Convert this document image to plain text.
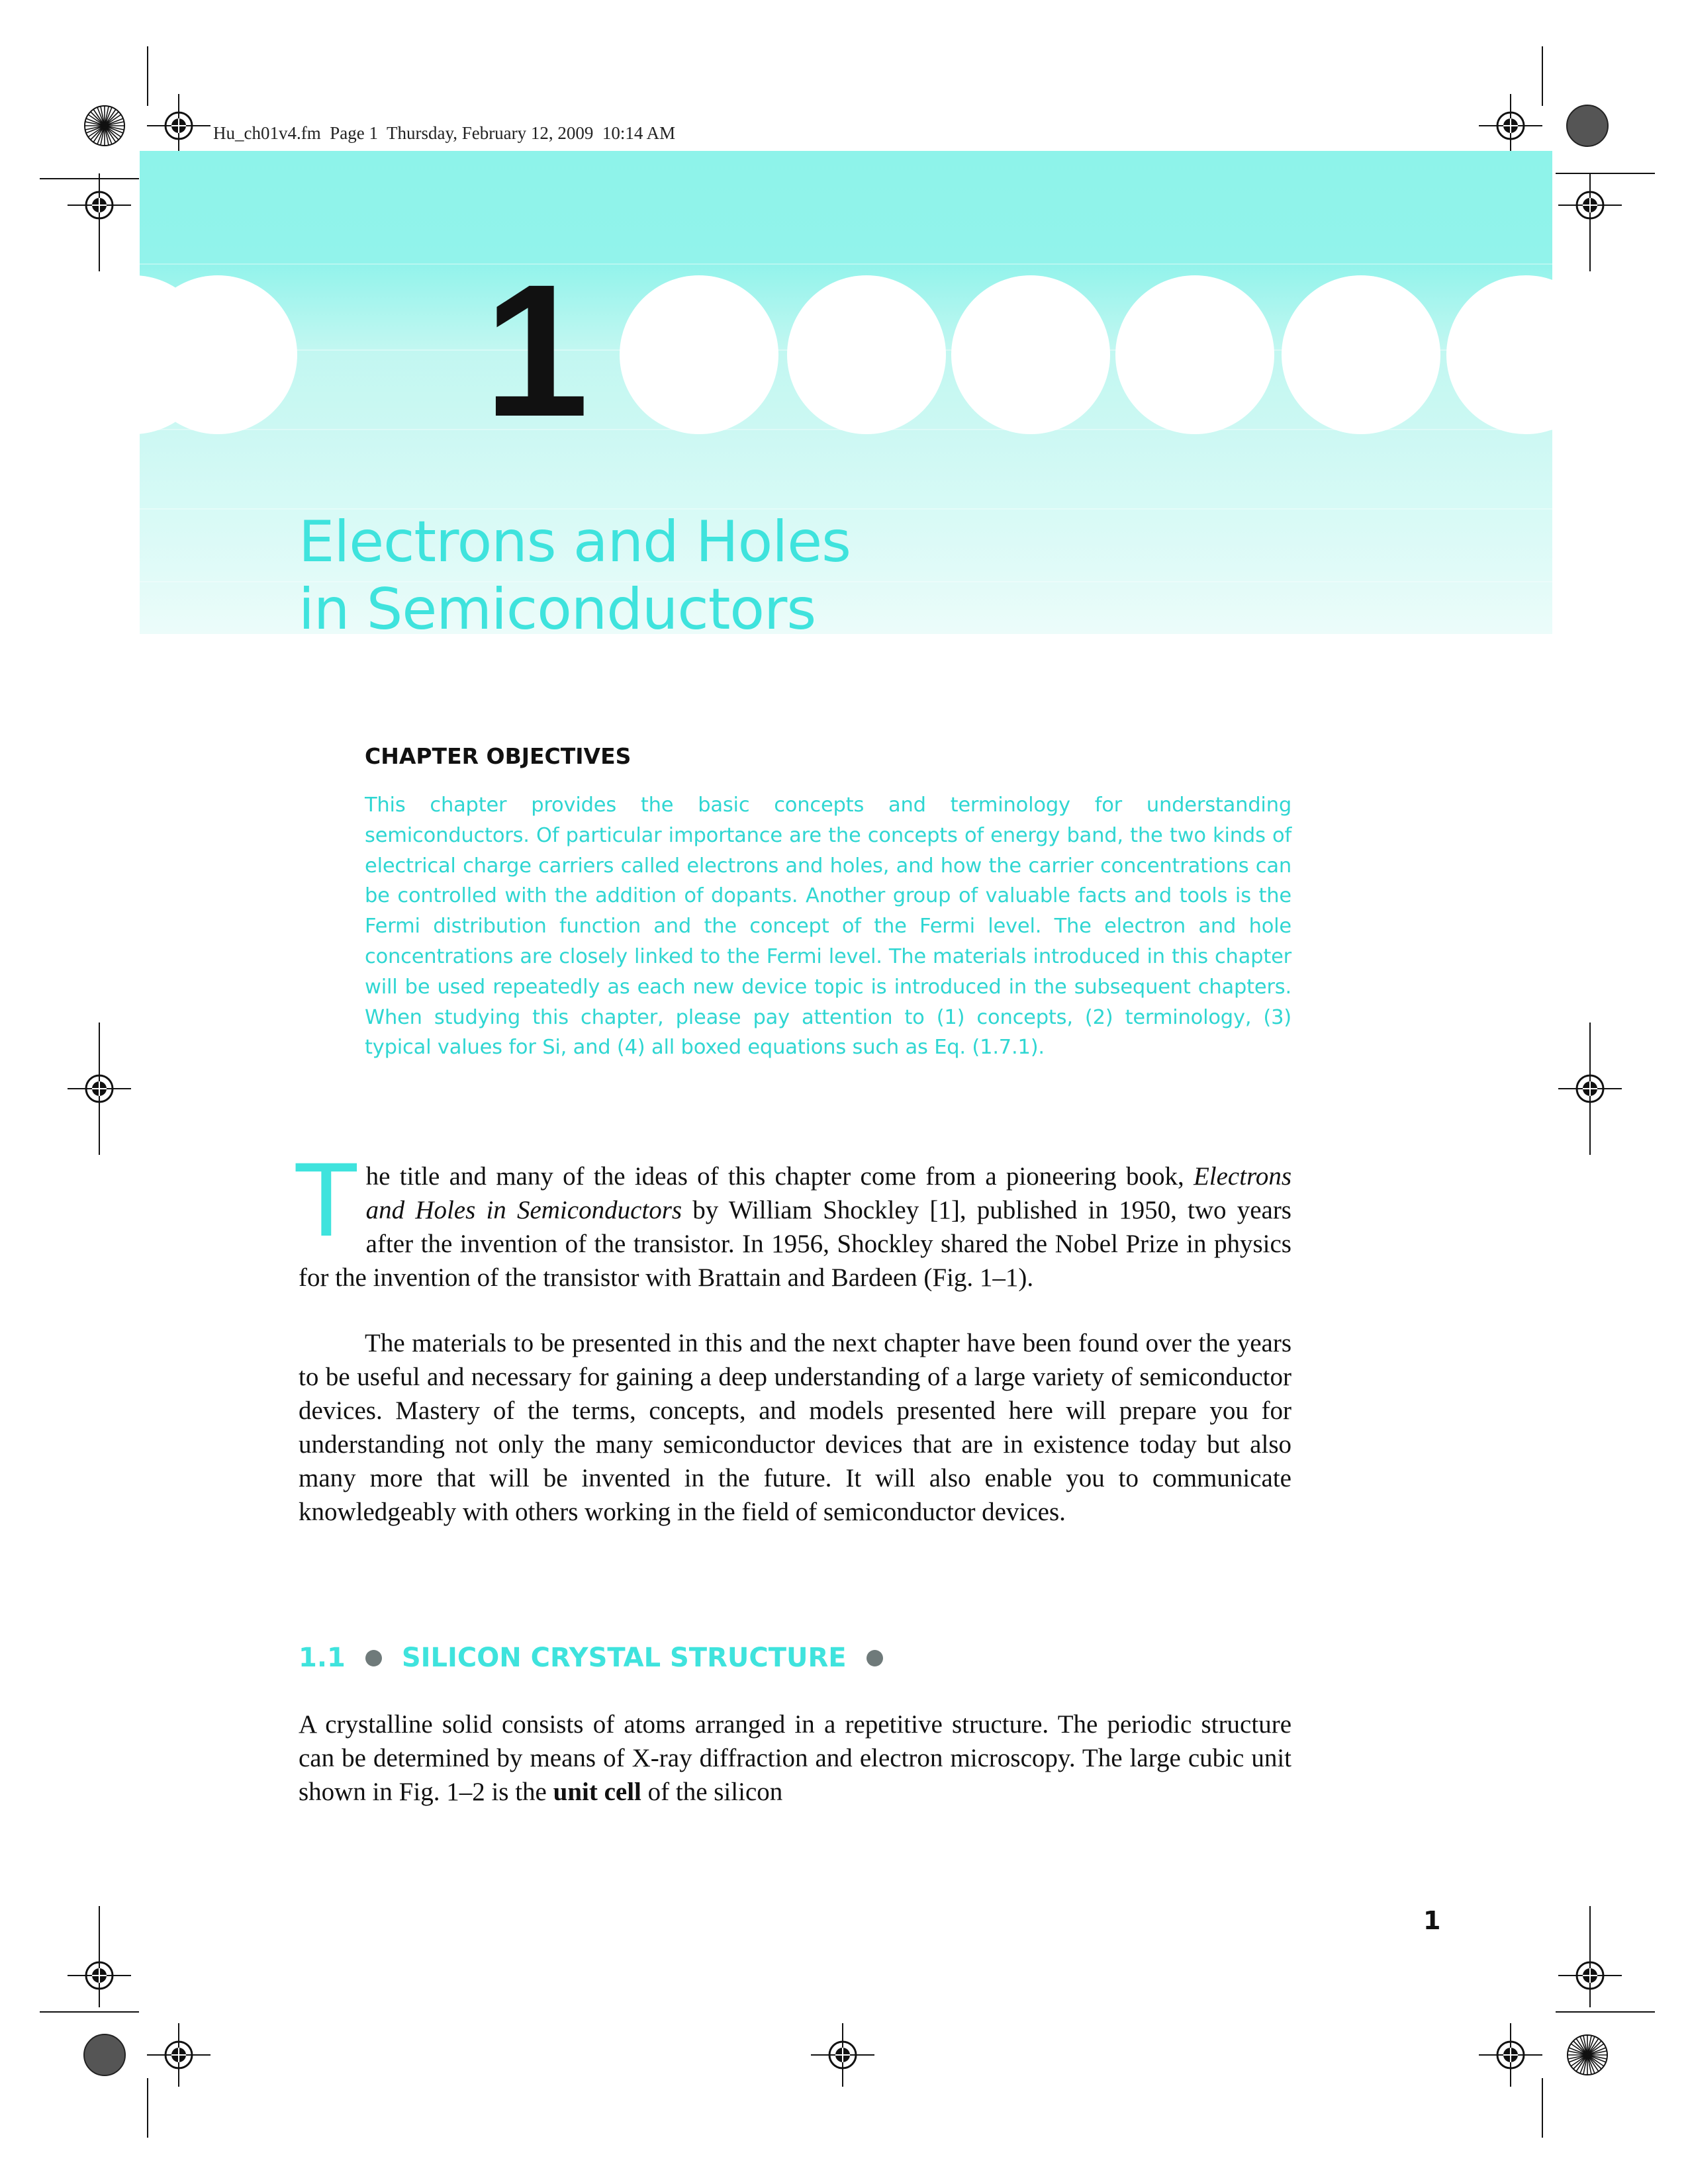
Hu_ch01v4.fm  Page 1  Thursday, February 12, 2009  10:14 AM
1
Electrons and Holes
in Semiconductors
CHAPTER OBJECTIVES
This chapter provides the basic concepts and terminology for understanding semiconductors. Of particular importance are the concepts of energy band, the two kinds of electrical charge carriers called electrons and holes, and how the carrier concentrations can be controlled with the addition of dopants. Another group of valuable facts and tools is the Fermi distribution function and the concept of the Fermi level. The electron and hole concentrations are closely linked to the Fermi level. The materials introduced in this chapter will be used repeatedly as each new device topic is introduced in the subsequent chapters. When studying this chapter, please pay attention to (1) concepts, (2) terminology, (3) typical values for Si, and (4) all boxed equations such as Eq. (1.7.1).
The title and many of the ideas of this chapter come from a pioneering book, Electrons and Holes in Semiconductors by William Shockley [1], published in 1950, two years after the invention of the transistor. In 1956, Shockley shared the Nobel Prize in physics for the invention of the transistor with Brattain and Bardeen (Fig. 1–1).
The materials to be presented in this and the next chapter have been found over the years to be useful and necessary for gaining a deep understanding of a large variety of semiconductor devices. Mastery of the terms, concepts, and models presented here will prepare you for understanding not only the many semiconductor devices that are in existence today but also many more that will be invented in the future. It will also enable you to communicate knowledgeably with others working in the field of semiconductor devices.
1.1 SILICON CRYSTAL STRUCTURE
A crystalline solid consists of atoms arranged in a repetitive structure. The periodic structure can be determined by means of X-ray diffraction and electron microscopy. The large cubic unit shown in Fig. 1–2 is the unit cell of the silicon
1
